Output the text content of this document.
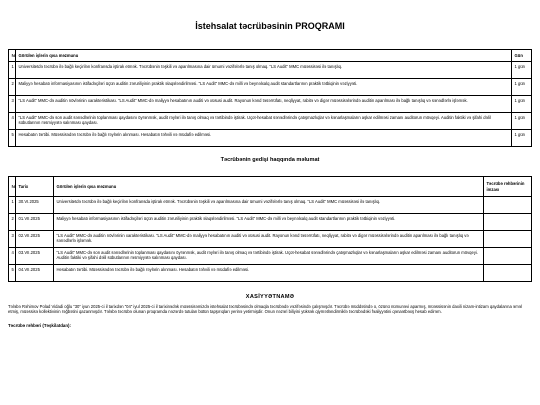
İstehsalat təcrübəsinin PROQRAMI
№	Görülən işlərin qısa məzmunu	Gün
1	Universitetdə təcrübə ilə bağlı keçirilən konfransda iştirak etmək. Təcrübənin təşkili və aparılmasına dair ümumi vəzifələrlə tanış olmaq. “LS Audit” MMC müəssisəsi ilə tanışlıq.	1 gün
2	Maliyyə hesabatı informasiyasının istifadəçiləri üçün auditin zəruriliyinin praktik əlaqələndirilməsi. “LS Audit” MMC-də milli və beynəlxalq audit standartlarının praktik tətbiqinin vəziyyəti.	1 gün
3	“LS Audit” MMC-də auditin növlərinin xarakteristikası. “LS Audit” MMC-də maliyyə hesabatının auditi və xüsusi audit. Rayonun kənd təsərrüfatı, neqliyyat, rabitə və digər müəssisələrində auditin aparılması ilə bağlı tanışlıq və sənədlərlə işləmək.	1 gün
4	“LS Audit” MMC-də son audit sənədlərinin toplanması qaydasını öyrənmək, audit rəyləri ilə tanış olmaq və tərtibində iştirak. Uçot-hesabat sənədlərində çatışmazlıqlar və kənarlaşmaların aşkar edilməsi zamanı auditorun mövqeyi. Auditin faktiki və şifahi dəlil sübutlarının rəsmiyyətə salınması qaydası.	1 gün
5	Hesabatın tərtibi. Müəssisədən təcrübə ilə bağlı rəylərin alınması. Hesabatın təhvili və müdafiə edilməsi.	1 gün
Təcrübənin gedişi haqqında məlumat
№	Tarix	Görülən işlərin qısa məzmunu	Təcrübə rəhbərinin imzası
1	30.VI.2025	Universitetdə təcrübə ilə bağlı keçirilən konfransda iştirak etmək. Təcrübənin təşkili və aparılmasına dair ümumi vəzifələrlə tanış olmaq. “LS Audit” MMC müəssisəsi ilə tanışlıq.	
2	01.VII.2025	Maliyyə hesabatı informasiyasının istifadəçiləri üçün auditin zəruriliyinin praktik əlaqələndirilməsi. “LS Audit” MMC-də milli və beynəlxalq audit standartlarının praktik tətbiqinin vəziyyəti.	
3	02.VII.2025	“LS Audit” MMC-də auditin növlərinin xarakteristikası. “LS Audit” MMC-də maliyyə hesabatının auditi və xüsusi audit. Rayonun kənd təsərrüfatı, neqliyyat, rabitə və digər müəssisələrində auditin aparılması ilə bağlı tanışlıq və sənədlərlə işləmək.	
4	03.VII.2025	“LS Audit” MMC-də son audit sənədlərinin toplanması qaydasını öyrənmək, audit rəyləri ilə tanış olmaq və tərtibində iştirak. Uçot-hesabat sənədlərində çatışmazlıqlar və kənarlaşmaların aşkar edilməsi zamanı auditorun mövqeyi. Auditin faktiki və şifahi dəlil sübutlarının rəsmiyyətə salınması qaydası.	
5	04.VII.2025	Hesabatın tərtibi. Müəssisədən təcrübə ilə bağlı rəylərin alınması. Hesabatın təhvili və müdafiə edilməsi.	
XASİYYƏTNAMƏ

Tələbə Rəhimov Polad Vidadi oğlu “30” iyun 2025-ci il tarixdən “04” iyul 2025-ci il tarixinədək müəssisəmizdə istehsalat təcrübəsində olmaqla təcrübədə vəzifəsində çalışmışdır. Təcrübə müddətində o, özünü nümunəvi aparmış, müəssisənin daxili nizam-intizam qaydalarına əməl etmiş, müəssisə kollektivinin rəğbətini qazanmışdır. Tələbə təcrübə olunan proqramda nəzərdə tutulan bütün tapşırıqları yerinə yetirmişdir. Onun nəzəri biliyini yüksək qiymətləndirmiklə təcrübədəki fəaliyyətini qənaətbəxş hesab edirəm.

Təcrübə rəhbəri (Təşkilatdan):
